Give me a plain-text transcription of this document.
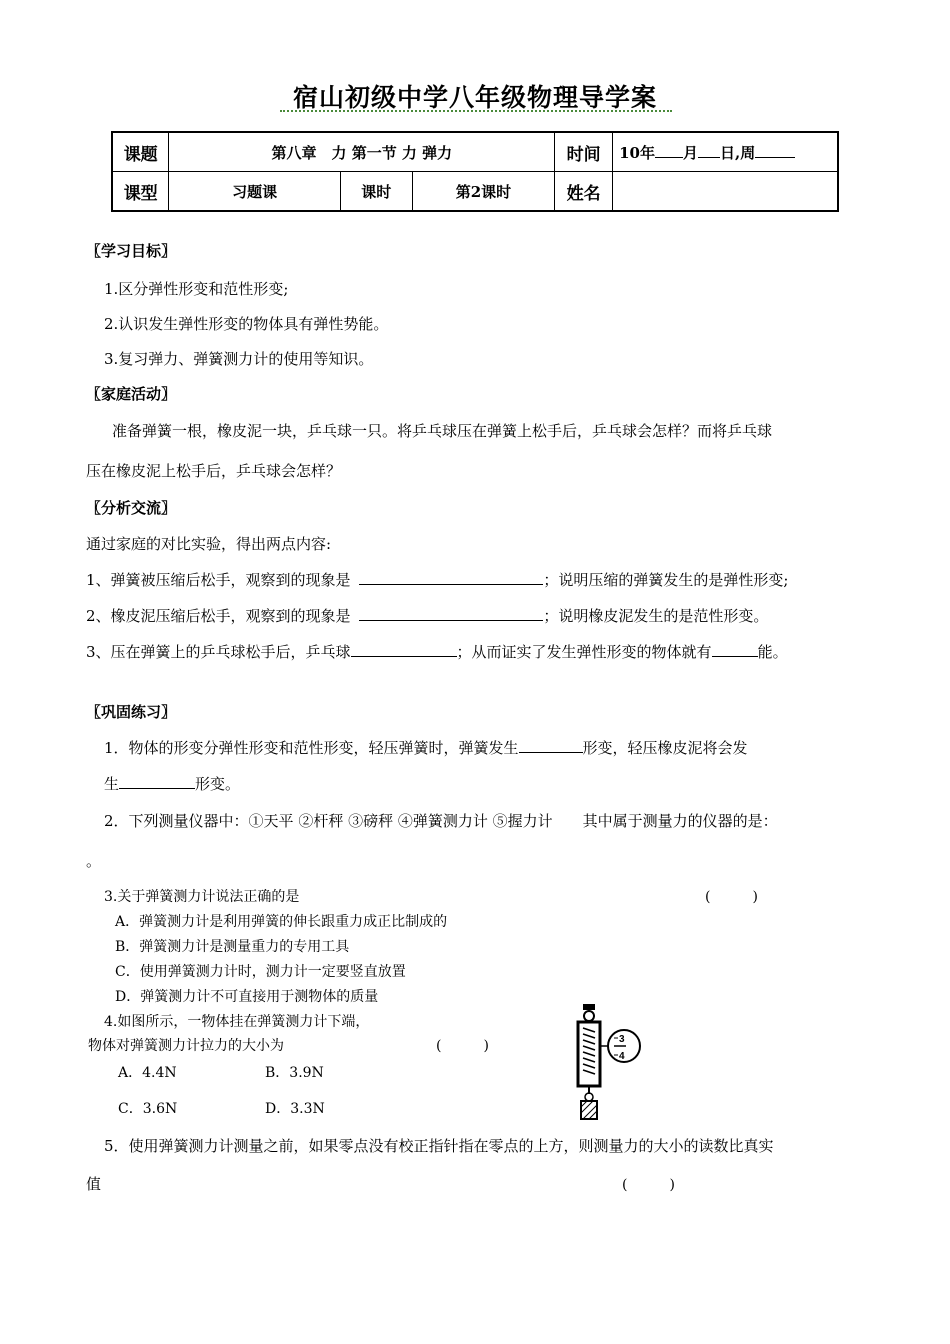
宿山初级中学八年级物理导学案
课题	第八章　力 第一节 力 弹力			时间	10年 月 日,周
课型	习题课	课时	第2课时	姓名	
〖学习目标〗
1.区分弹性形变和范性形变;
2.认识发生弹性形变的物体具有弹性势能。
3.复习弹力、弹簧测力计的使用等知识。
〖家庭活动〗
准备弹簧一根，橡皮泥一块，乒乓球一只。将乒乓球压在弹簧上松手后，乒乓球会怎样？而将乒乓球
压在橡皮泥上松手后，乒乓球会怎样？
〖分析交流〗
通过家庭的对比实验，得出两点内容:
1、弹簧被压缩后松手，观察到的现象是	；说明压缩的弹簧发生的是弹性形变;
2、橡皮泥压缩后松手，观察到的现象是	；说明橡皮泥发生的是范性形变。
3、压在弹簧上的乒乓球松手后，乒乓球	；从而证实了发生弹性形变的物体就有	能。
〖巩固练习〗
1．物体的形变分弹性形变和范性形变，轻压弹簧时，弹簧发生	形变，轻压橡皮泥将会发
生	形变。
2．下列测量仪器中：①天平 ②杆秤 ③磅秤 ④弹簧测力计 ⑤握力计　　其中属于测量力的仪器的是：
。
3.关于弹簧测力计说法正确的是	(　　　)
A．弹簧测力计是利用弹簧的伸长跟重力成正比制成的
B．弹簧测力计是测量重力的专用工具
C．使用弹簧测力计时，测力计一定要竖直放置
D．弹簧测力计不可直接用于测物体的质量
4.如图所示，一物体挂在弹簧测力计下端，
物体对弹簧测力计拉力的大小为	(　　　)
A．4.4N	B．3.9N
C．3.6N	D．3.3N
3
4
5．使用弹簧测力计测量之前，如果零点没有校正指针指在零点的上方，则测量力的大小的读数比真实
值	(　　　)
